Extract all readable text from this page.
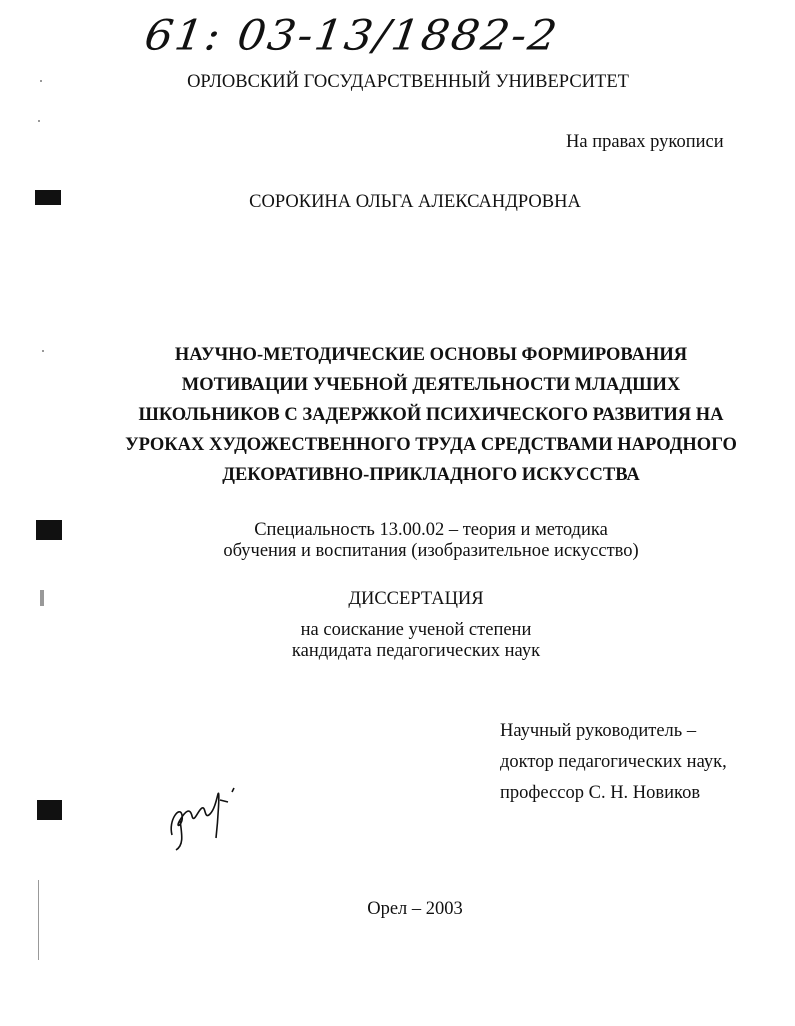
61: 03-13/1882-2
ОРЛОВСКИЙ ГОСУДАРСТВЕННЫЙ УНИВЕРСИТЕТ
На правах рукописи
СОРОКИНА ОЛЬГА АЛЕКСАНДРОВНА
НАУЧНО-МЕТОДИЧЕСКИЕ ОСНОВЫ ФОРМИРОВАНИЯ
МОТИВАЦИИ УЧЕБНОЙ ДЕЯТЕЛЬНОСТИ МЛАДШИХ
ШКОЛЬНИКОВ С ЗАДЕРЖКОЙ ПСИХИЧЕСКОГО РАЗВИТИЯ НА
УРОКАХ ХУДОЖЕСТВЕННОГО ТРУДА СРЕДСТВАМИ НАРОДНОГО
ДЕКОРАТИВНО-ПРИКЛАДНОГО ИСКУССТВА
Специальность 13.00.02 – теория и методика
обучения и воспитания (изобразительное искусство)
ДИССЕРТАЦИЯ
на соискание ученой степени
кандидата педагогических наук
Научный руководитель –
доктор педагогических наук,
профессор С. Н. Новиков
Орел – 2003
